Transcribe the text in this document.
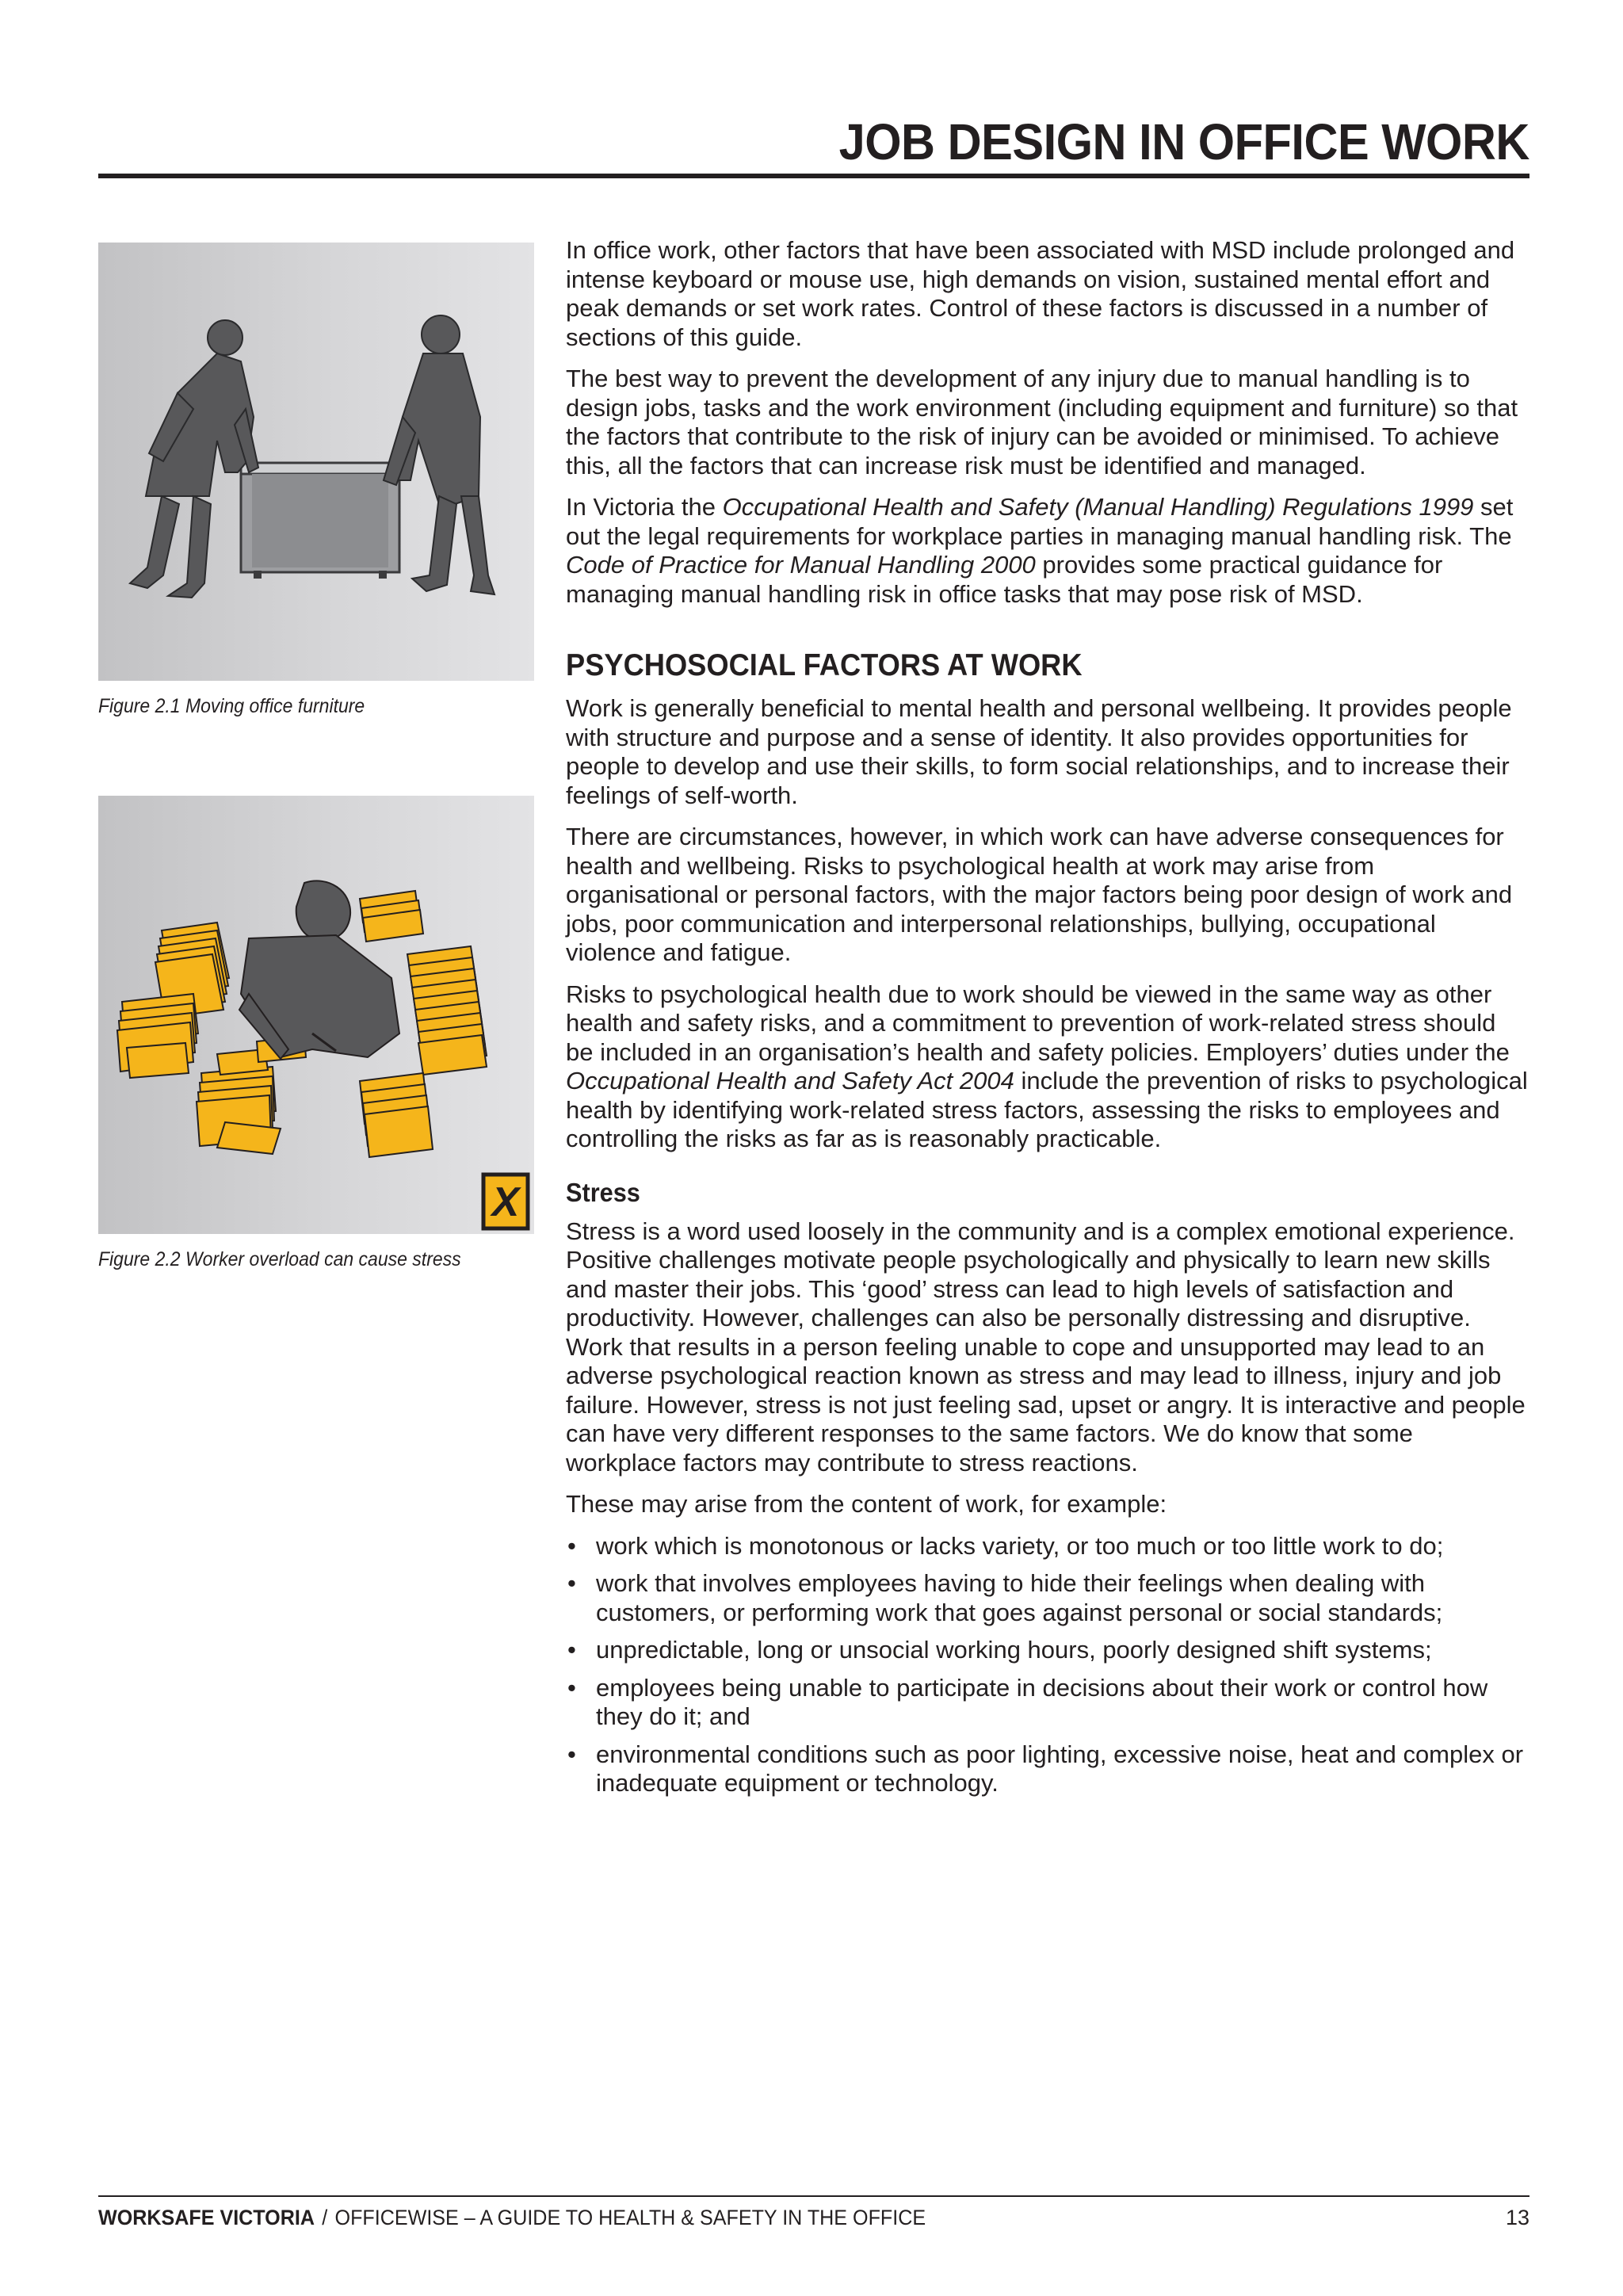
JOB DESIGN IN OFFICE WORK

Figure 2.1 Moving office furniture

X

Figure 2.2 Worker overload can cause stress

In office work, other factors that have been associated with MSD include prolonged and intense keyboard or mouse use, high demands on vision, sustained mental effort and peak demands or set work rates. Control of these factors is discussed in a number of sections of this guide.

The best way to prevent the development of any injury due to manual handling is to design jobs, tasks and the work environment (including equipment and furniture) so that the factors that contribute to the risk of injury can be avoided or minimised. To achieve this, all the factors that can increase risk must be identified and managed.

In Victoria the Occupational Health and Safety (Manual Handling) Regulations 1999 set out the legal requirements for workplace parties in managing manual handling risk. The Code of Practice for Manual Handling 2000 provides some practical guidance for managing manual handling risk in office tasks that may pose risk of MSD.

PSYCHOSOCIAL FACTORS AT WORK

Work is generally beneficial to mental health and personal wellbeing. It provides people with structure and purpose and a sense of identity. It also provides opportunities for people to develop and use their skills, to form social relationships, and to increase their feelings of self-worth.

There are circumstances, however, in which work can have adverse consequences for health and wellbeing. Risks to psychological health at work may arise from organisational or personal factors, with the major factors being poor design of work and jobs, poor communication and interpersonal relationships, bullying, occupational violence and fatigue.

Risks to psychological health due to work should be viewed in the same way as other health and safety risks, and a commitment to prevention of work-related stress should be included in an organisation’s health and safety policies. Employers’ duties under the Occupational Health and Safety Act 2004 include the prevention of risks to psychological health by identifying work-related stress factors, assessing the risks to employees and controlling the risks as far as is reasonably practicable.

Stress

Stress is a word used loosely in the community and is a complex emotional experience. Positive challenges motivate people psychologically and physically to learn new skills and master their jobs. This ‘good’ stress can lead to high levels of satisfaction and productivity. However, challenges can also be personally distressing and disruptive. Work that results in a person feeling unable to cope and unsupported may lead to an adverse psychological reaction known as stress and may lead to illness, injury and job failure. However, stress is not just feeling sad, upset or angry. It is interactive and people can have very different responses to the same factors. We do know that some workplace factors may contribute to stress reactions.

These may arise from the content of work, for example:

• work which is monotonous or lacks variety, or too much or too little work to do;
• work that involves employees having to hide their feelings when dealing with customers, or performing work that goes against personal or social standards;
• unpredictable, long or unsocial working hours, poorly designed shift systems;
• employees being unable to participate in decisions about their work or control how they do it; and
• environmental conditions such as poor lighting, excessive noise, heat and complex or inadequate equipment or technology.
WORKSAFE VICTORIA / OFFICEWISE – A GUIDE TO HEALTH & SAFETY IN THE OFFICE	13
